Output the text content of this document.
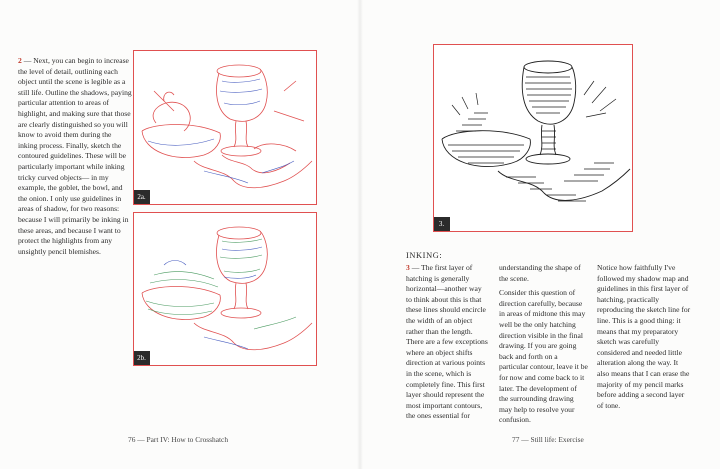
2 — Next, you can begin to increase the level of detail, outlining each object until the scene is legible as a still life. Outline the shadows, paying particular attention to areas of highlight, and making sure that those are clearly distinguished so you will know to avoid them during the inking process. Finally, sketch the contoured guidelines. These will be particularly important while inking tricky curved objects— in my example, the goblet, the bowl, and the onion. I only use guidelines in areas of shadow, for two reasons: because I will primarily be inking in these areas, and because I want to protect the highlights from any unsightly pencil blemishes.
2a.
2b.
3.
INKING:
3 — The first layer of hatching is generally horizontal—another way to think about this is that these lines should encircle the width of an object rather than the length. There are a few exceptions where an object shifts direction at various points in the scene, which is completely fine. This first layer should represent the most important contours, the ones essential for
understanding the shape of the scene.
Consider this question of direction carefully, because in areas of midtone this may well be the only hatching direction visible in the final drawing. If you are going back and forth on a particular contour, leave it be for now and come back to it later. The development of the surrounding drawing may help to resolve your confusion.
Notice how faithfully I've followed my shadow map and guidelines in this first layer of hatching, practically reproducing the sketch line for line. This is a good thing: it means that my preparatory sketch was carefully considered and needed little alteration along the way. It also means that I can erase the majority of my pencil marks before adding a second layer of tone.
76 — Part IV: How to Crosshatch	77 — Still life: Exercise
